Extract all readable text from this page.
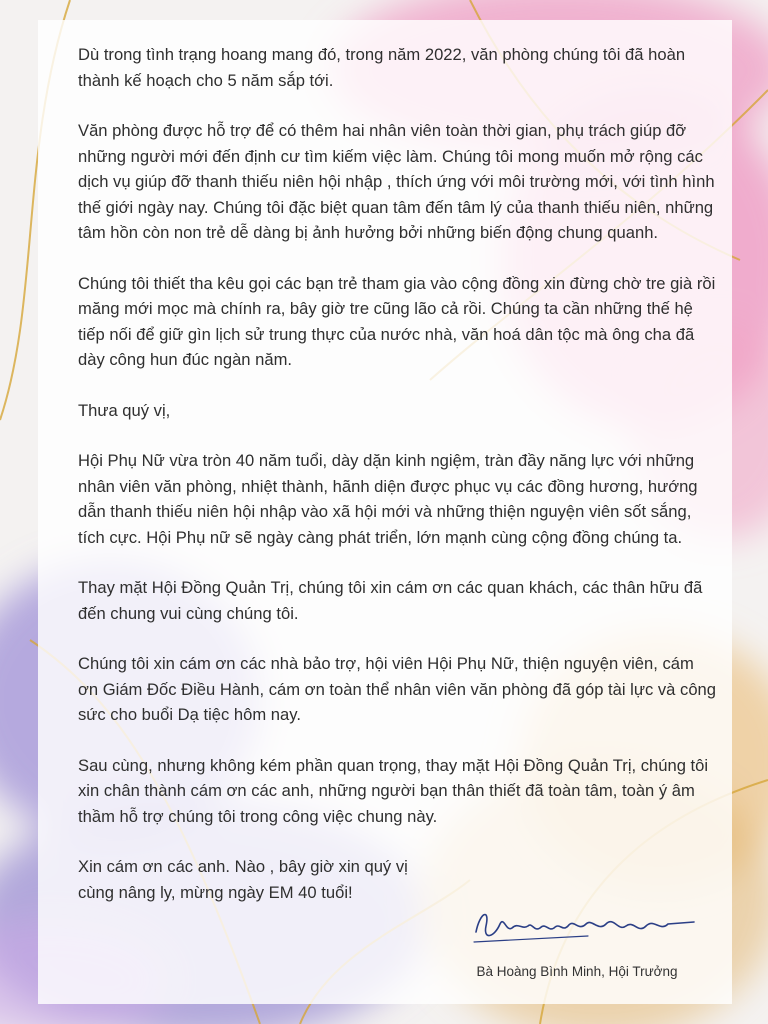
Dù trong tình trạng hoang mang đó, trong năm 2022, văn phòng chúng tôi đã hoàn thành kế hoạch cho 5 năm sắp tới.

Văn phòng được hỗ trợ để có thêm hai nhân viên toàn thời gian, phụ trách giúp đỡ những người mới đến định cư tìm kiếm việc làm. Chúng tôi mong muốn mở rộng các dịch vụ giúp đỡ thanh thiếu niên hội nhập , thích ứng với môi trường mới, với tình hình thế giới ngày nay. Chúng tôi đặc biệt quan tâm đến tâm lý của thanh thiếu niên, những tâm hồn còn non trẻ dễ dàng bị ảnh hưởng bởi những biến động chung quanh.

Chúng tôi thiết tha kêu gọi các bạn trẻ tham gia vào cộng đồng xin đừng chờ tre già rồi măng mới mọc mà chính ra, bây giờ tre cũng lão cả rồi. Chúng ta cần những thế hệ tiếp nối để giữ gìn lịch sử trung thực của nước nhà, văn hoá dân tộc mà ông cha đã dày công hun đúc ngàn năm.

Thưa quý vị,

Hội Phụ Nữ vừa tròn 40 năm tuổi, dày dặn kinh ngiệm, tràn đầy năng lực với những nhân viên văn phòng, nhiệt thành, hãnh diện được phục vụ các đồng hương, hướng dẫn thanh thiếu niên hội nhập vào xã hội mới và những thiện nguyện viên sốt sắng, tích cực. Hội Phụ nữ sẽ ngày càng phát triển, lớn mạnh cùng cộng đồng chúng ta.

Thay mặt Hội Đồng Quản Trị, chúng tôi xin cám ơn các quan khách, các thân hữu đã đến chung vui cùng chúng tôi.

Chúng tôi xin cám ơn các nhà bảo trợ, hội viên Hội Phụ Nữ, thiện nguyện viên, cám ơn Giám Đốc Điều Hành, cám ơn toàn thể nhân viên văn phòng đã góp tài lực và công sức cho buổi Dạ tiệc hôm nay.

Sau cùng, nhưng không kém phần quan trọng, thay mặt Hội Đồng Quản Trị, chúng tôi xin chân thành cám ơn các anh, những người bạn thân thiết đã toàn tâm, toàn ý âm thầm hỗ trợ chúng tôi trong công việc chung này.

Xin cám ơn các anh. Nào , bây giờ xin quý vị cùng nâng ly, mừng ngày EM 40 tuổi!

Bà Hoàng Bình Minh, Hội Trưởng
